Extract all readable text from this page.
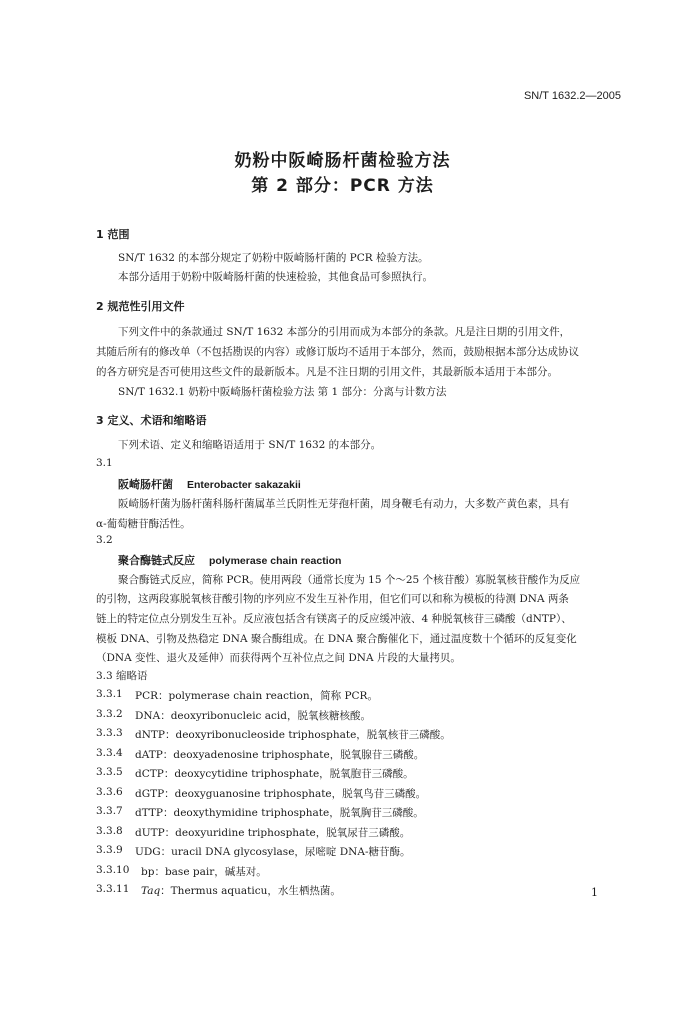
SN/T 1632.2—2005
奶粉中阪崎肠杆菌检验方法
第 2 部分：PCR 方法
1 范围
SN/T 1632 的本部分规定了奶粉中阪崎肠杆菌的 PCR 检验方法。
本部分适用于奶粉中阪崎肠杆菌的快速检验，其他食品可参照执行。
2 规范性引用文件
下列文件中的条款通过 SN/T 1632 本部分的引用而成为本部分的条款。凡是注日期的引用文件，
其随后所有的修改单（不包括勘误的内容）或修订版均不适用于本部分，然而，鼓励根据本部分达成协议
的各方研究是否可使用这些文件的最新版本。凡是不注日期的引用文件，其最新版本适用于本部分。
SN/T 1632.1 奶粉中阪崎肠杆菌检验方法 第 1 部分：分离与计数方法
3 定义、术语和缩略语
下列术语、定义和缩略语适用于 SN/T 1632 的本部分。
3.1
阪崎肠杆菌 Enterobacter sakazakii
阪崎肠杆菌为肠杆菌科肠杆菌属革兰氏阴性无芽孢杆菌，周身鞭毛有动力，大多数产黄色素，具有
α-葡萄糖苷酶活性。
3.2
聚合酶链式反应 polymerase chain reaction
聚合酶链式反应，简称 PCR。使用两段（通常长度为 15 个～25 个核苷酸）寡脱氧核苷酸作为反应
的引物，这两段寡脱氧核苷酸引物的序列应不发生互补作用，但它们可以和称为模板的待测 DNA 两条
链上的特定位点分别发生互补。反应液包括含有镁离子的反应缓冲液、4 种脱氧核苷三磷酸（dNTP）、
模板 DNA、引物及热稳定 DNA 聚合酶组成。在 DNA 聚合酶催化下，通过温度数十个循环的反复变化
（DNA 变性、退火及延伸）而获得两个互补位点之间 DNA 片段的大量拷贝。
3.3 缩略语
3.3.1 PCR：polymerase chain reaction，简称 PCR。
3.3.2 DNA：deoxyribonucleic acid，脱氧核糖核酸。
3.3.3 dNTP：deoxyribonucleoside triphosphate，脱氧核苷三磷酸。
3.3.4 dATP：deoxyadenosine triphosphate，脱氧腺苷三磷酸。
3.3.5 dCTP：deoxycytidine triphosphate，脱氧胞苷三磷酸。
3.3.6 dGTP：deoxyguanosine triphosphate，脱氧鸟苷三磷酸。
3.3.7 dTTP：deoxythymidine triphosphate，脱氧胸苷三磷酸。
3.3.8 dUTP：deoxyuridine triphosphate，脱氧尿苷三磷酸。
3.3.9 UDG：uracil DNA glycosylase，尿嘧啶 DNA-糖苷酶。
3.3.10 bp：base pair，碱基对。
3.3.11 Taq：Thermus aquaticu，水生栖热菌。	1
